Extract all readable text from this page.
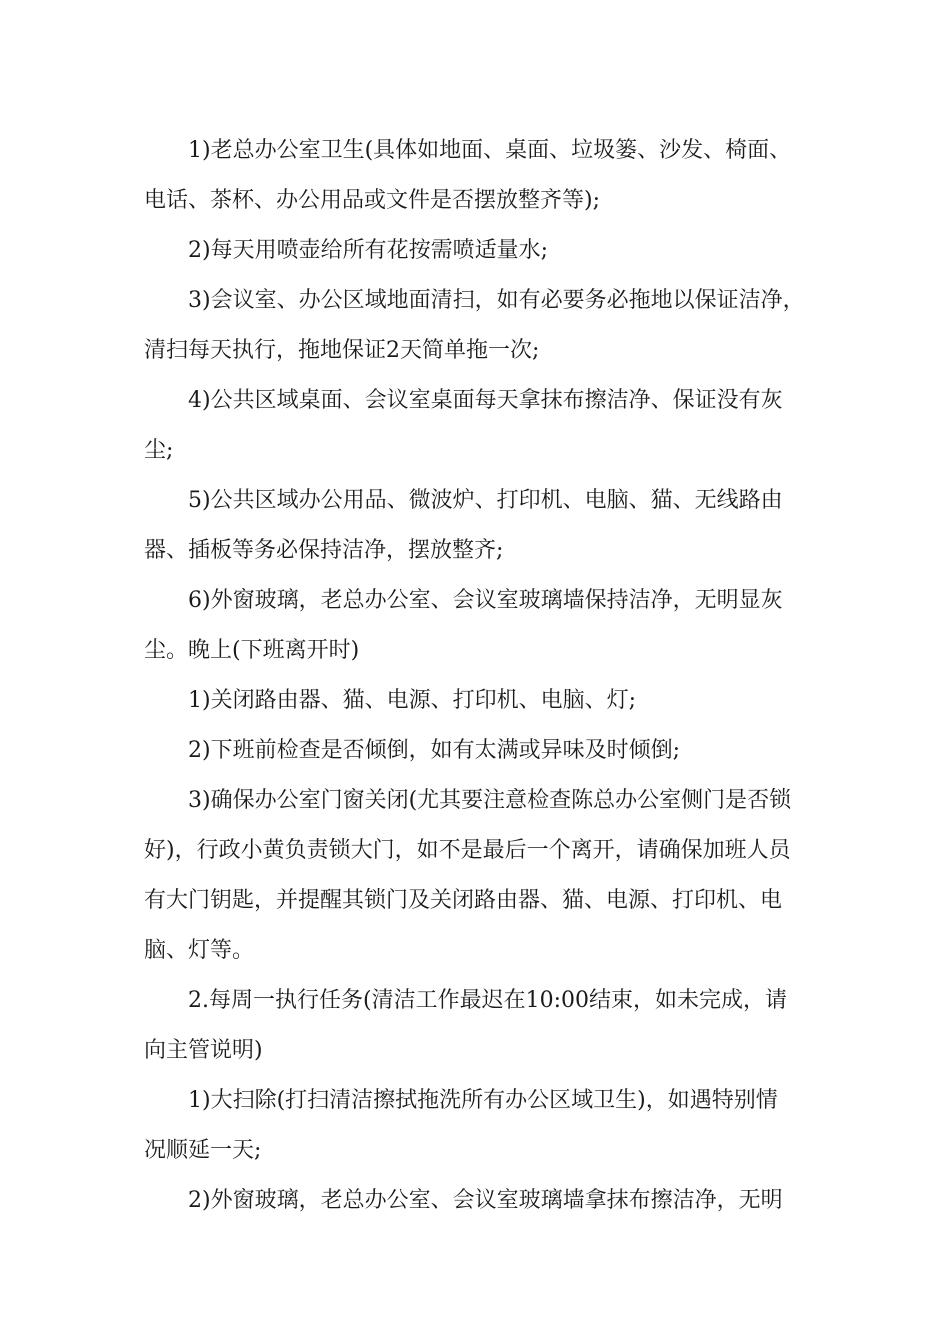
1)老总办公室卫生(具体如地面、桌面、垃圾篓、沙发、椅面、
电话、茶杯、办公用品或文件是否摆放整齐等);

2)每天用喷壶给所有花按需喷适量水;

3)会议室、办公区域地面清扫，如有必要务必拖地以保证洁净，
清扫每天执行，拖地保证2天简单拖一次;

4)公共区域桌面、会议室桌面每天拿抹布擦洁净、保证没有灰
尘;

5)公共区域办公用品、微波炉、打印机、电脑、猫、无线路由
器、插板等务必保持洁净，摆放整齐;

6)外窗玻璃，老总办公室、会议室玻璃墙保持洁净，无明显灰
尘。晚上(下班离开时)

1)关闭路由器、猫、电源、打印机、电脑、灯;

2)下班前检查是否倾倒，如有太满或异味及时倾倒;

3)确保办公室门窗关闭(尤其要注意检查陈总办公室侧门是否锁
好)，行政小黄负责锁大门，如不是最后一个离开，请确保加班人员
有大门钥匙，并提醒其锁门及关闭路由器、猫、电源、打印机、电
脑、灯等。

2.每周一执行任务(清洁工作最迟在10:00结束，如未完成，请
向主管说明)

1)大扫除(打扫清洁擦拭拖洗所有办公区域卫生)，如遇特别情
况顺延一天;

2)外窗玻璃，老总办公室、会议室玻璃墙拿抹布擦洁净，无明
